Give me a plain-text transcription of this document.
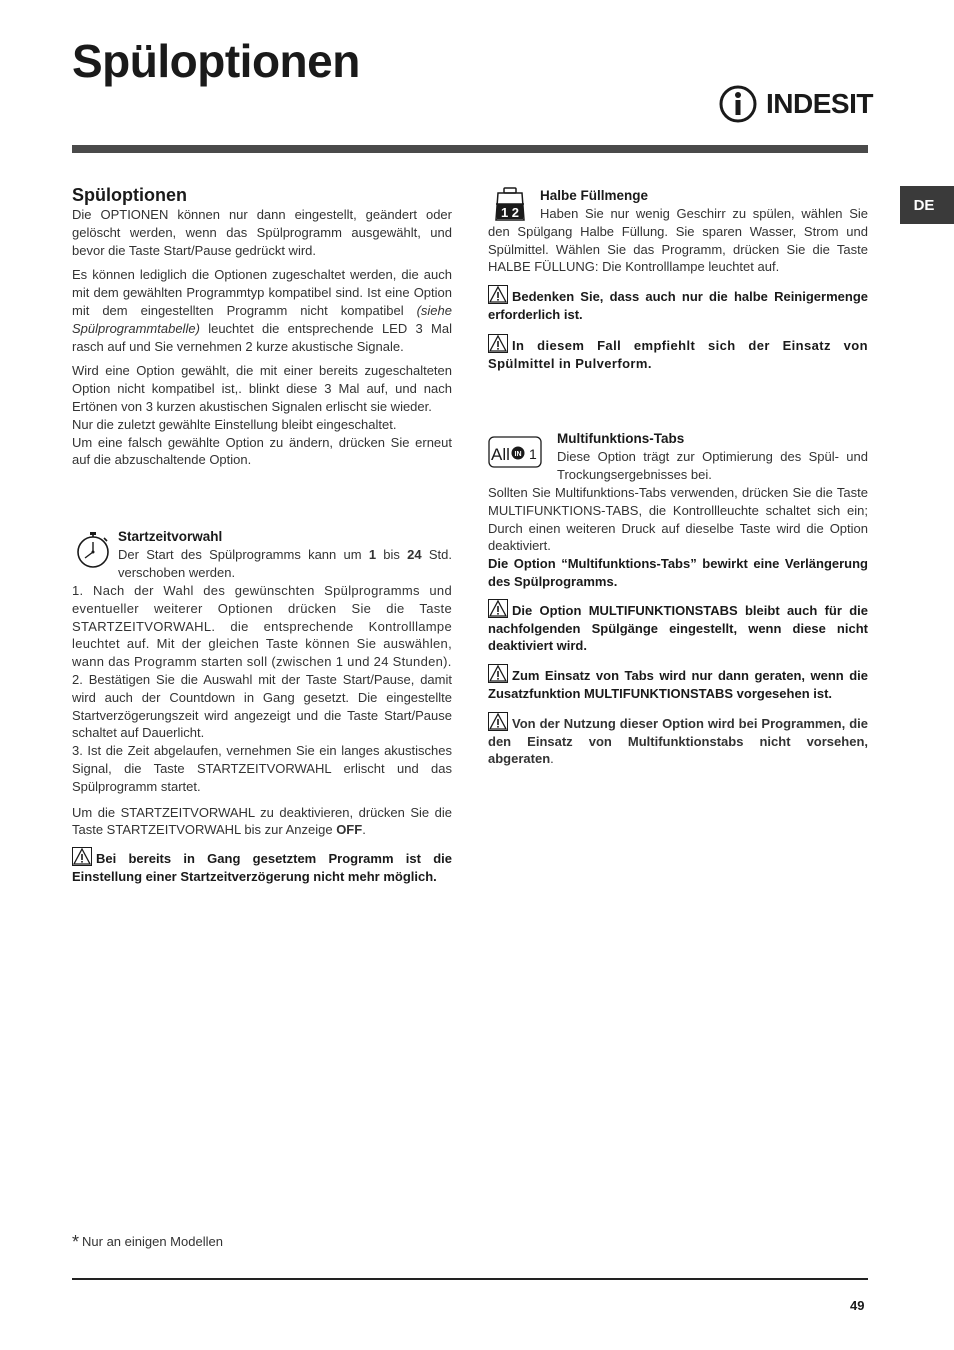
Spüloptionen
INDESIT
DE

Spüloptionen

Die OPTIONEN können nur dann eingestellt, geändert oder gelöscht werden, wenn das Spülprogramm ausgewählt, und bevor die Taste Start/Pause gedrückt wird.

Es können lediglich die Optionen zugeschaltet werden, die auch mit dem gewählten Programmtyp kompatibel sind. Ist eine Option mit dem eingestellten Programm nicht kompatibel (siehe Spülprogrammtabelle) leuchtet die entsprechende LED 3 Mal rasch auf und Sie vernehmen 2 kurze akustische Signale.

Wird eine Option gewählt, die mit einer bereits zugeschalteten Option nicht kompatibel ist,. blinkt diese 3 Mal auf, und nach Ertönen von 3 kurzen akustischen Signalen erlischt sie wieder.

Nur die zuletzt gewählte Einstellung bleibt eingeschaltet.

Um eine falsch gewählte Option zu ändern, drücken Sie erneut auf die abzuschaltende Option.

Startzeitvorwahl

Der Start des Spülprogramms kann um 1 bis 24 Std. verschoben werden.

1. Nach der Wahl des gewünschten Spülprogramms und eventueller weiterer Optionen drücken Sie die Taste STARTZEITVORWAHL. die entsprechende Kontrolllampe leuchtet auf. Mit der gleichen Taste können Sie auswählen, wann das Programm starten soll (zwischen 1 und 24 Stunden).

2. Bestätigen Sie die Auswahl mit der Taste Start/Pause, damit wird auch der Countdown in Gang gesetzt. Die eingestellte Startverzögerungszeit wird angezeigt und die Taste Start/Pause schaltet auf Dauerlicht.

3. Ist die Zeit abgelaufen, vernehmen Sie ein langes akustisches Signal, die Taste STARTZEITVORWAHL erlischt und das Spülprogramm startet.

Um die STARTZEITVORWAHL zu deaktivieren, drücken Sie die Taste STARTZEITVORWAHL bis zur Anzeige OFF.

Bei bereits in Gang gesetztem Programm ist die Einstellung einer Startzeitverzögerung nicht mehr möglich.

1 2

Halbe Füllmenge

Haben Sie nur wenig Geschirr zu spülen, wählen Sie den Spülgang Halbe Füllung. Sie sparen Wasser, Strom und Spülmittel. Wählen Sie das Programm, drücken Sie die Taste HALBE FÜLLUNG: Die Kontrolllampe leuchtet auf.

Bedenken Sie, dass auch nur die halbe Reinigermenge erforderlich ist.

In diesem Fall empfiehlt sich der Einsatz von Spülmittel in Pulverform.

All IN 1

Multifunktions-Tabs

Diese Option trägt zur Optimierung des Spül- und Trockungsergebnisses bei.

Sollten Sie Multifunktions-Tabs verwenden, drücken Sie die Taste MULTIFUNKTIONS-TABS, die Kontrollleuchte schaltet sich ein; Durch einen weiteren Druck auf dieselbe Taste wird die Option deaktiviert.

Die Option “Multifunktions-Tabs” bewirkt eine Verlängerung des Spülprogramms.

Die Option MULTIFUNKTIONSTABS bleibt auch für die nachfolgenden Spülgänge eingestellt, wenn diese nicht deaktiviert wird.

Zum Einsatz von Tabs wird nur dann geraten, wenn die Zusatzfunktion MULTIFUNKTIONSTABS vorgesehen ist.

Von der Nutzung dieser Option wird bei Programmen, die den Einsatz von Multifunktionstabs nicht vorsehen, abgeraten.

* Nur an einigen Modellen
49
